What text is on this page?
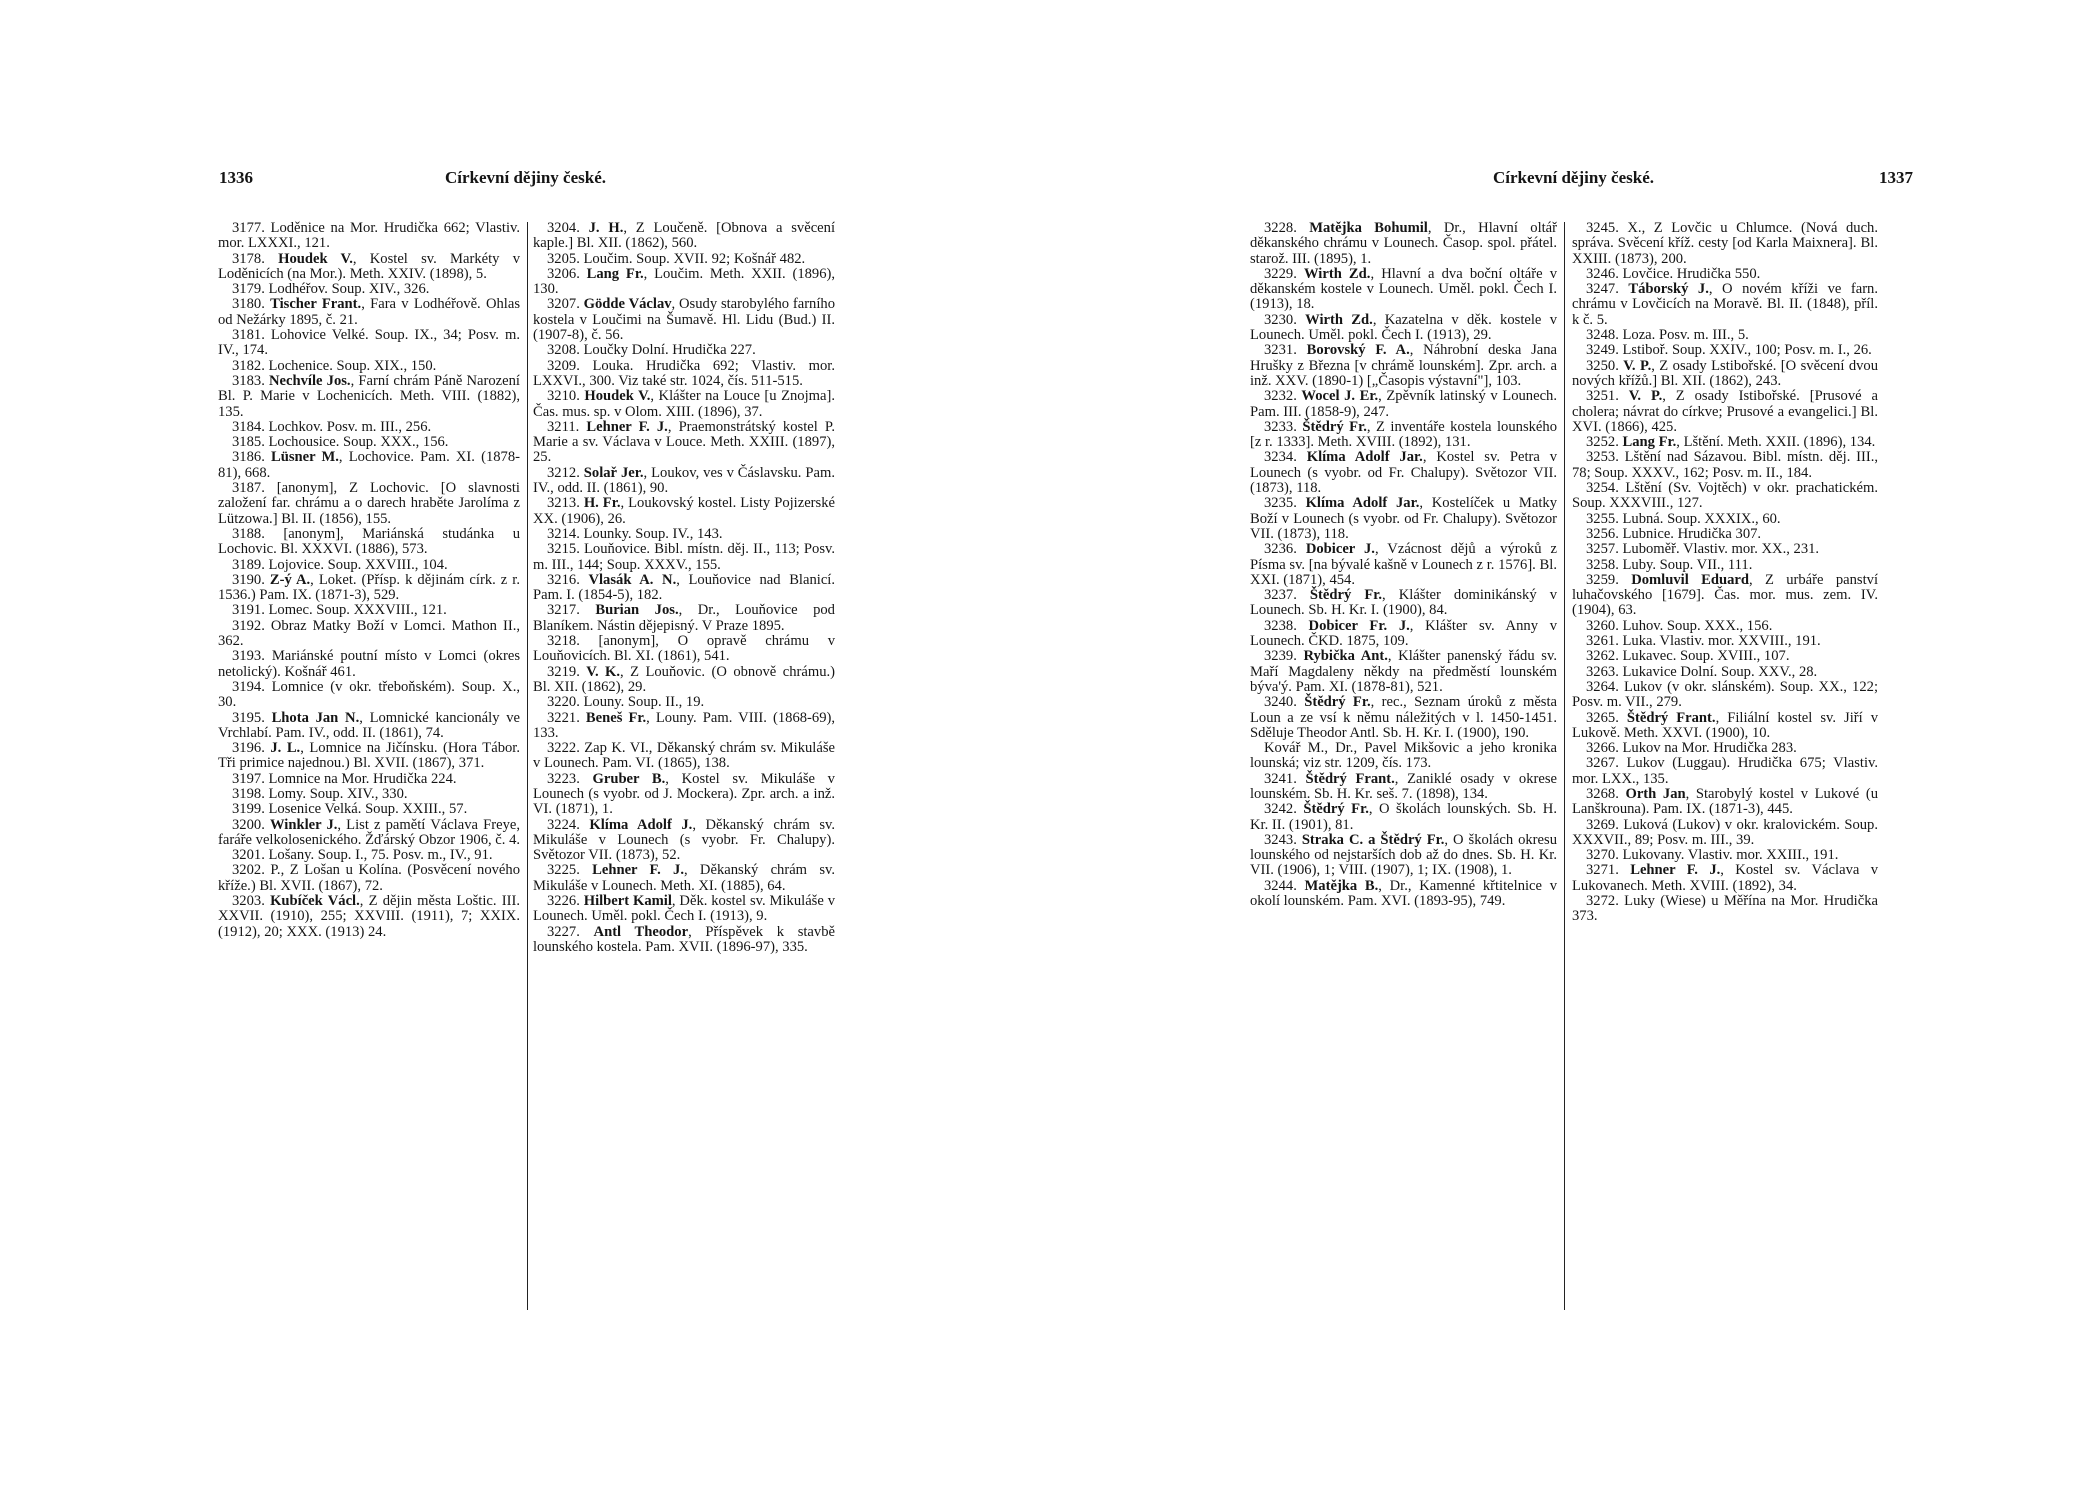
1336	Církevní dějiny české.

3177. Loděnice na Mor. Hrudička 662; Vlastiv. mor. LXXXI., 121.

3178. Houdek V., Kostel sv. Markéty v Loděnicích (na Mor.). Meth. XXIV. (1898), 5.

3179. Lodhéřov. Soup. XIV., 326.

3180. Tischer Frant., Fara v Lodhéřově. Ohlas od Nežárky 1895, č. 21.

3181. Lohovice Velké. Soup. IX., 34; Posv. m. IV., 174.

3182. Lochenice. Soup. XIX., 150.

3183. Nechvíle Jos., Farní chrám Páně Narození Bl. P. Marie v Lochenicích. Meth. VIII. (1882), 135.

3184. Lochkov. Posv. m. III., 256.

3185. Lochousice. Soup. XXX., 156.

3186. Lüsner M., Lochovice. Pam. XI. (1878-81), 668.

3187. [anonym], Z Lochovic. [O slavnosti založení far. chrámu a o darech hraběte Jarolíma z Lützowa.] Bl. II. (1856), 155.

3188. [anonym], Mariánská studánka u Lochovic. Bl. XXXVI. (1886), 573.

3189. Lojovice. Soup. XXVIII., 104.

3190. Z-ý A., Loket. (Přísp. k dějinám círk. z r. 1536.) Pam. IX. (1871-3), 529.

3191. Lomec. Soup. XXXVIII., 121.

3192. Obraz Matky Boží v Lomci. Mathon II., 362.

3193. Mariánské poutní místo v Lomci (okres netolický). Košnář 461.

3194. Lomnice (v okr. třeboňském). Soup. X., 30.

3195. Lhota Jan N., Lomnické kancionály ve Vrchlabí. Pam. IV., odd. II. (1861), 74.

3196. J. L., Lomnice na Jičínsku. (Hora Tábor. Tři primice najednou.) Bl. XVII. (1867), 371.

3197. Lomnice na Mor. Hrudička 224.

3198. Lomy. Soup. XIV., 330.

3199. Losenice Velká. Soup. XXIII., 57.

3200. Winkler J., List z pamětí Václava Freye, faráře velkolosenického. Žďárský Obzor 1906, č. 4.

3201. Lošany. Soup. I., 75. Posv. m., IV., 91.

3202. P., Z Lošan u Kolína. (Posvěcení nového kříže.) Bl. XVII. (1867), 72.

3203. Kubíček Václ., Z dějin města Loštic. III. XXVII. (1910), 255; XXVIII. (1911), 7; XXIX. (1912), 20; XXX. (1913) 24.

3204. J. H., Z Loučeně. [Obnova a svěcení kaple.] Bl. XII. (1862), 560.

3205. Loučim. Soup. XVII. 92; Košnář 482.

3206. Lang Fr., Loučim. Meth. XXII. (1896), 130.

3207. Gödde Václav, Osudy starobylého farního kostela v Loučimi na Šumavě. Hl. Lidu (Bud.) II. (1907-8), č. 56.

3208. Loučky Dolní. Hrudička 227.

3209. Louka. Hrudička 692; Vlastiv. mor. LXXVI., 300. Viz také str. 1024, čís. 511-515.

3210. Houdek V., Klášter na Louce [u Znojma]. Čas. mus. sp. v Olom. XIII. (1896), 37.

3211. Lehner F. J., Praemonstrátský kostel P. Marie a sv. Václava v Louce. Meth. XXIII. (1897), 25.

3212. Solař Jer., Loukov, ves v Čáslavsku. Pam. IV., odd. II. (1861), 90.

3213. H. Fr., Loukovský kostel. Listy Pojizerské XX. (1906), 26.

3214. Lounky. Soup. IV., 143.

3215. Louňovice. Bibl. místn. děj. II., 113; Posv. m. III., 144; Soup. XXXV., 155.

3216. Vlasák A. N., Louňovice nad Blanicí. Pam. I. (1854-5), 182.

3217. Burian Jos., Dr., Louňovice pod Blaníkem. Nástin dějepisný. V Praze 1895.

3218. [anonym], O opravě chrámu v Louňovicích. Bl. XI. (1861), 541.

3219. V. K., Z Louňovic. (O obnově chrámu.) Bl. XII. (1862), 29.

3220. Louny. Soup. II., 19.

3221. Beneš Fr., Louny. Pam. VIII. (1868-69), 133.

3222. Zap K. VI., Děkanský chrám sv. Mikuláše v Lounech. Pam. VI. (1865), 138.

3223. Gruber B., Kostel sv. Mikuláše v Lounech (s vyobr. od J. Mockera). Zpr. arch. a inž. VI. (1871), 1.

3224. Klíma Adolf J., Děkanský chrám sv. Mikuláše v Lounech (s vyobr. Fr. Chalupy). Světozor VII. (1873), 52.

3225. Lehner F. J., Děkanský chrám sv. Mikuláše v Lounech. Meth. XI. (1885), 64.

3226. Hilbert Kamil, Děk. kostel sv. Mikuláše v Lounech. Uměl. pokl. Čech I. (1913), 9.

3227. Antl Theodor, Příspěvek k stavbě lounského kostela. Pam. XVII. (1896-97), 335.

Církevní dějiny české.	1337

3228. Matějka Bohumil, Dr., Hlavní oltář děkanského chrámu v Lounech. Časop. spol. přátel. starož. III. (1895), 1.

3229. Wirth Zd., Hlavní a dva boční oltáře v děkanském kostele v Lounech. Uměl. pokl. Čech I. (1913), 18.

3230. Wirth Zd., Kazatelna v děk. kostele v Lounech. Uměl. pokl. Čech I. (1913), 29.

3231. Borovský F. A., Náhrobní deska Jana Hrušky z Března [v chrámě lounském]. Zpr. arch. a inž. XXV. (1890-1) [„Časopis výstavní"], 103.

3232. Wocel J. Er., Zpěvník latinský v Lounech. Pam. III. (1858-9), 247.

3233. Štědrý Fr., Z inventáře kostela lounského [z r. 1333]. Meth. XVIII. (1892), 131.

3234. Klíma Adolf Jar., Kostel sv. Petra v Lounech (s vyobr. od Fr. Chalupy). Světozor VII. (1873), 118.

3235. Klíma Adolf Jar., Kostelíček u Matky Boží v Lounech (s vyobr. od Fr. Chalupy). Světozor VII. (1873), 118.

3236. Dobicer J., Vzácnost dějů a výroků z Písma sv. [na bývalé kašně v Lounech z r. 1576]. Bl. XXI. (1871), 454.

3237. Štědrý Fr., Klášter dominikánský v Lounech. Sb. H. Kr. I. (1900), 84.

3238. Dobicer Fr. J., Klášter sv. Anny v Lounech. ČKD. 1875, 109.

3239. Rybička Ant., Klášter panenský řádu sv. Maří Magdaleny někdy na předměstí lounském býva'ý. Pam. XI. (1878-81), 521.

3240. Štědrý Fr., rec., Seznam úroků z města Loun a ze vsí k němu náležitých v l. 1450-1451. Sděluje Theodor Antl. Sb. H. Kr. I. (1900), 190.

Kovář M., Dr., Pavel Mikšovic a jeho kronika lounská; viz str. 1209, čís. 173.

3241. Štědrý Frant., Zaniklé osady v okrese lounském. Sb. H. Kr. seš. 7. (1898), 134.

3242. Štědrý Fr., O školách lounských. Sb. H. Kr. II. (1901), 81.

3243. Straka C. a Štědrý Fr., O školách okresu lounského od nejstarších dob až do dnes. Sb. H. Kr. VII. (1906), 1; VIII. (1907), 1; IX. (1908), 1.

3244. Matějka B., Dr., Kamenné křtitelnice v okolí lounském. Pam. XVI. (1893-95), 749.

3245. X., Z Lovčic u Chlumce. (Nová duch. správa. Svěcení kříž. cesty [od Karla Maixnera]. Bl. XXIII. (1873), 200.

3246. Lovčice. Hrudička 550.

3247. Táborský J., O novém kříži ve farn. chrámu v Lovčicích na Moravě. Bl. II. (1848), příl. k č. 5.

3248. Loza. Posv. m. III., 5.

3249. Lstiboř. Soup. XXIV., 100; Posv. m. I., 26.

3250. V. P., Z osady Lstibořské. [O svěcení dvou nových křížů.] Bl. XII. (1862), 243.

3251. V. P., Z osady Istibořské. [Prusové a cholera; návrat do církve; Prusové a evangelici.] Bl. XVI. (1866), 425.

3252. Lang Fr., Lštění. Meth. XXII. (1896), 134.

3253. Lštění nad Sázavou. Bibl. místn. děj. III., 78; Soup. XXXV., 162; Posv. m. II., 184.

3254. Lštění (Sv. Vojtěch) v okr. prachatickém. Soup. XXXVIII., 127.

3255. Lubná. Soup. XXXIX., 60.

3256. Lubnice. Hrudička 307.

3257. Luboměř. Vlastiv. mor. XX., 231.

3258. Luby. Soup. VII., 111.

3259. Domluvil Eduard, Z urbáře panství luhačovského [1679]. Čas. mor. mus. zem. IV. (1904), 63.

3260. Luhov. Soup. XXX., 156.

3261. Luka. Vlastiv. mor. XXVIII., 191.

3262. Lukavec. Soup. XVIII., 107.

3263. Lukavice Dolní. Soup. XXV., 28.

3264. Lukov (v okr. slánském). Soup. XX., 122; Posv. m. VII., 279.

3265. Štědrý Frant., Filiální kostel sv. Jiří v Lukově. Meth. XXVI. (1900), 10.

3266. Lukov na Mor. Hrudička 283.

3267. Lukov (Luggau). Hrudička 675; Vlastiv. mor. LXX., 135.

3268. Orth Jan, Starobylý kostel v Lukové (u Lanškrouna). Pam. IX. (1871-3), 445.

3269. Luková (Lukov) v okr. kralovickém. Soup. XXXVII., 89; Posv. m. III., 39.

3270. Lukovany. Vlastiv. mor. XXIII., 191.

3271. Lehner F. J., Kostel sv. Václava v Lukovanech. Meth. XVIII. (1892), 34.

3272. Luky (Wiese) u Měřína na Mor. Hrudička 373.
